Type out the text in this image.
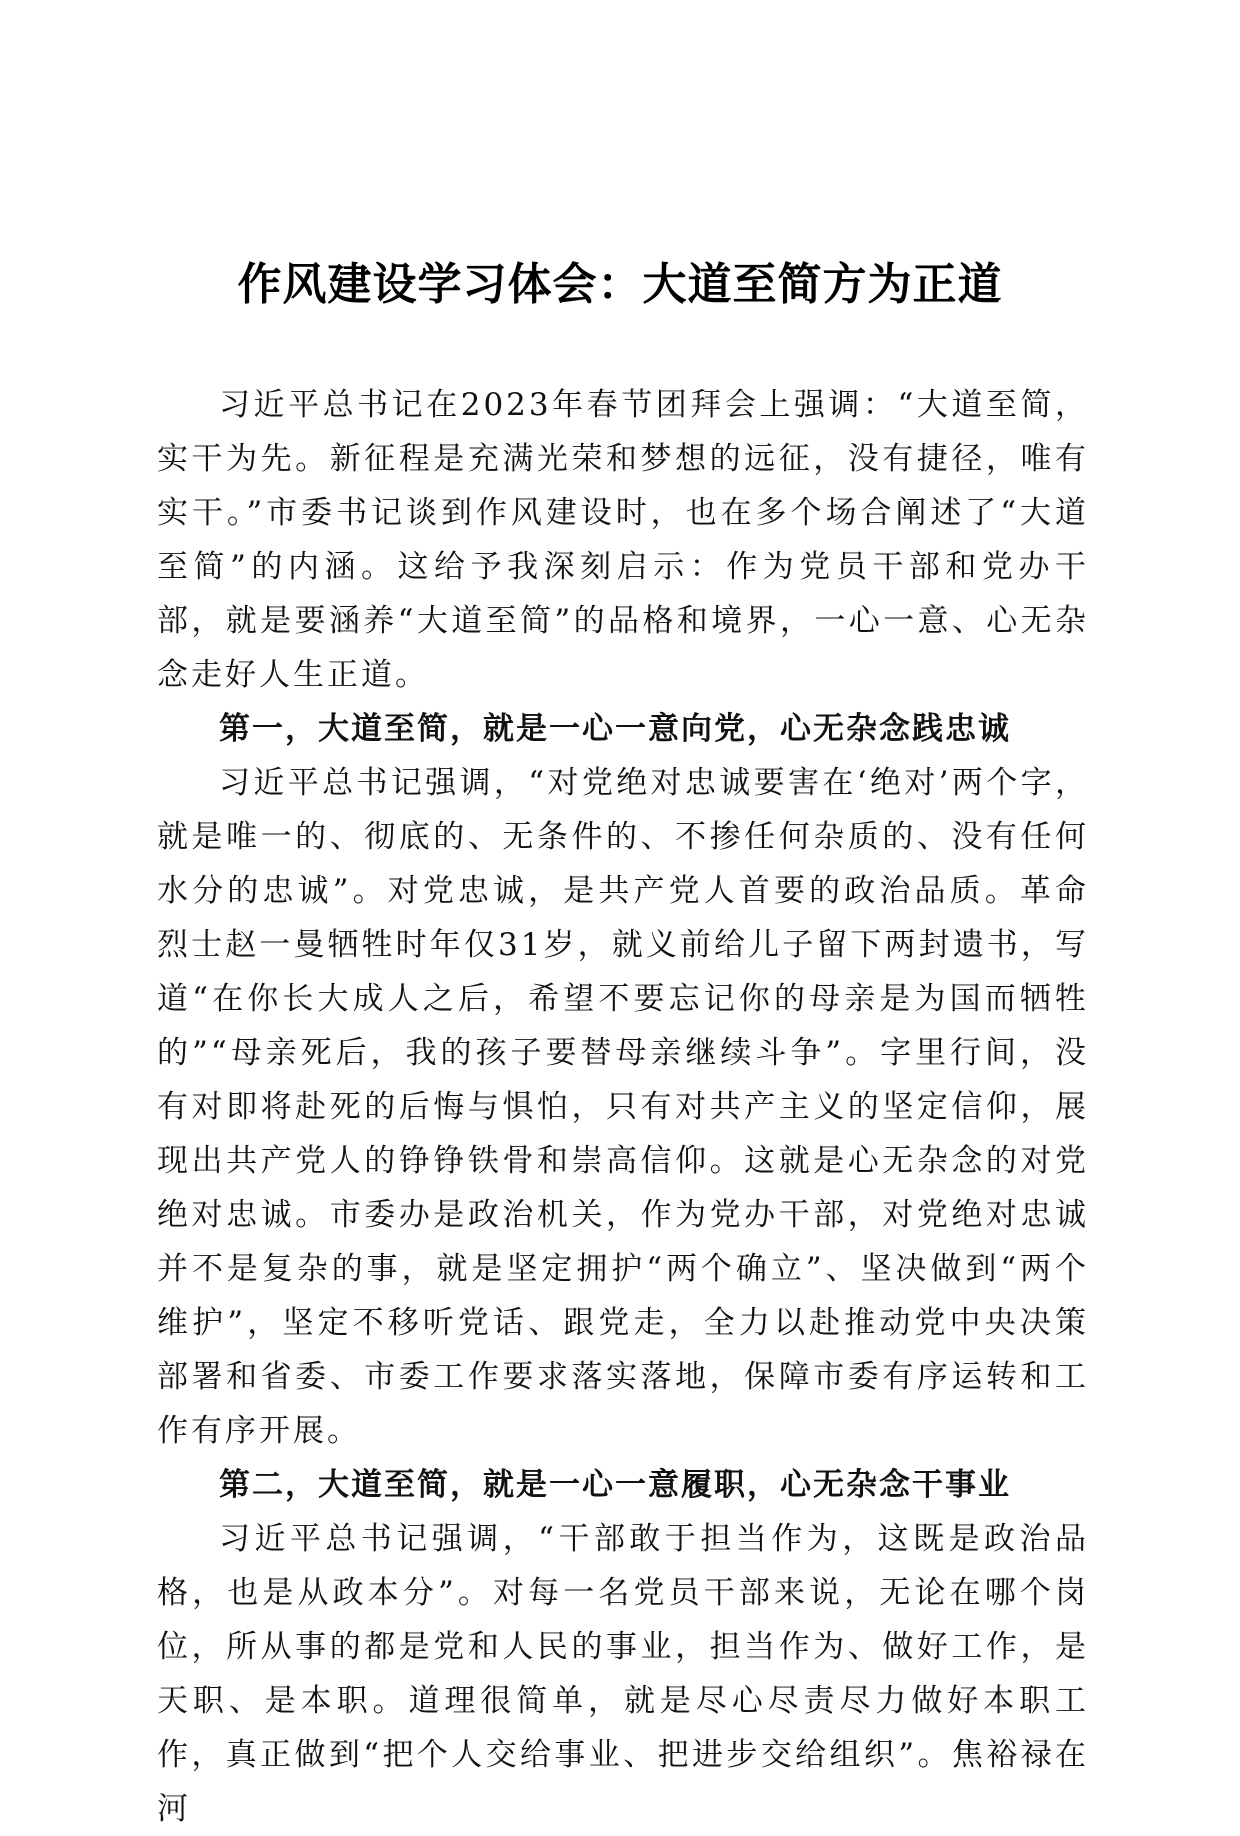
作风建设学习体会：大道至简方为正道

习近平总书记在2023年春节团拜会上强调：“大道至简，实干为先。新征程是充满光荣和梦想的远征，没有捷径，唯有实干。”市委书记谈到作风建设时，也在多个场合阐述了“大道至简”的内涵。这给予我深刻启示：作为党员干部和党办干部，就是要涵养“大道至简”的品格和境界，一心一意、心无杂念走好人生正道。

第一，大道至简，就是一心一意向党，心无杂念践忠诚

习近平总书记强调，“对党绝对忠诚要害在‘绝对’两个字，就是唯一的、彻底的、无条件的、不掺任何杂质的、没有任何水分的忠诚”。对党忠诚，是共产党人首要的政治品质。革命烈士赵一曼牺牲时年仅31岁，就义前给儿子留下两封遗书，写道“在你长大成人之后，希望不要忘记你的母亲是为国而牺牲的”“母亲死后，我的孩子要替母亲继续斗争”。字里行间，没有对即将赴死的后悔与惧怕，只有对共产主义的坚定信仰，展现出共产党人的铮铮铁骨和崇高信仰。这就是心无杂念的对党绝对忠诚。市委办是政治机关，作为党办干部，对党绝对忠诚并不是复杂的事，就是坚定拥护“两个确立”、坚决做到“两个维护”，坚定不移听党话、跟党走，全力以赴推动党中央决策部署和省委、市委工作要求落实落地，保障市委有序运转和工作有序开展。

第二，大道至简，就是一心一意履职，心无杂念干事业

习近平总书记强调，“干部敢于担当作为，这既是政治品格，也是从政本分”。对每一名党员干部来说，无论在哪个岗位，所从事的都是党和人民的事业，担当作为、做好工作，是天职、是本职。道理很简单，就是尽心尽责尽力做好本职工作，真正做到“把个人交给事业、把进步交给组织”。焦裕禄在河
